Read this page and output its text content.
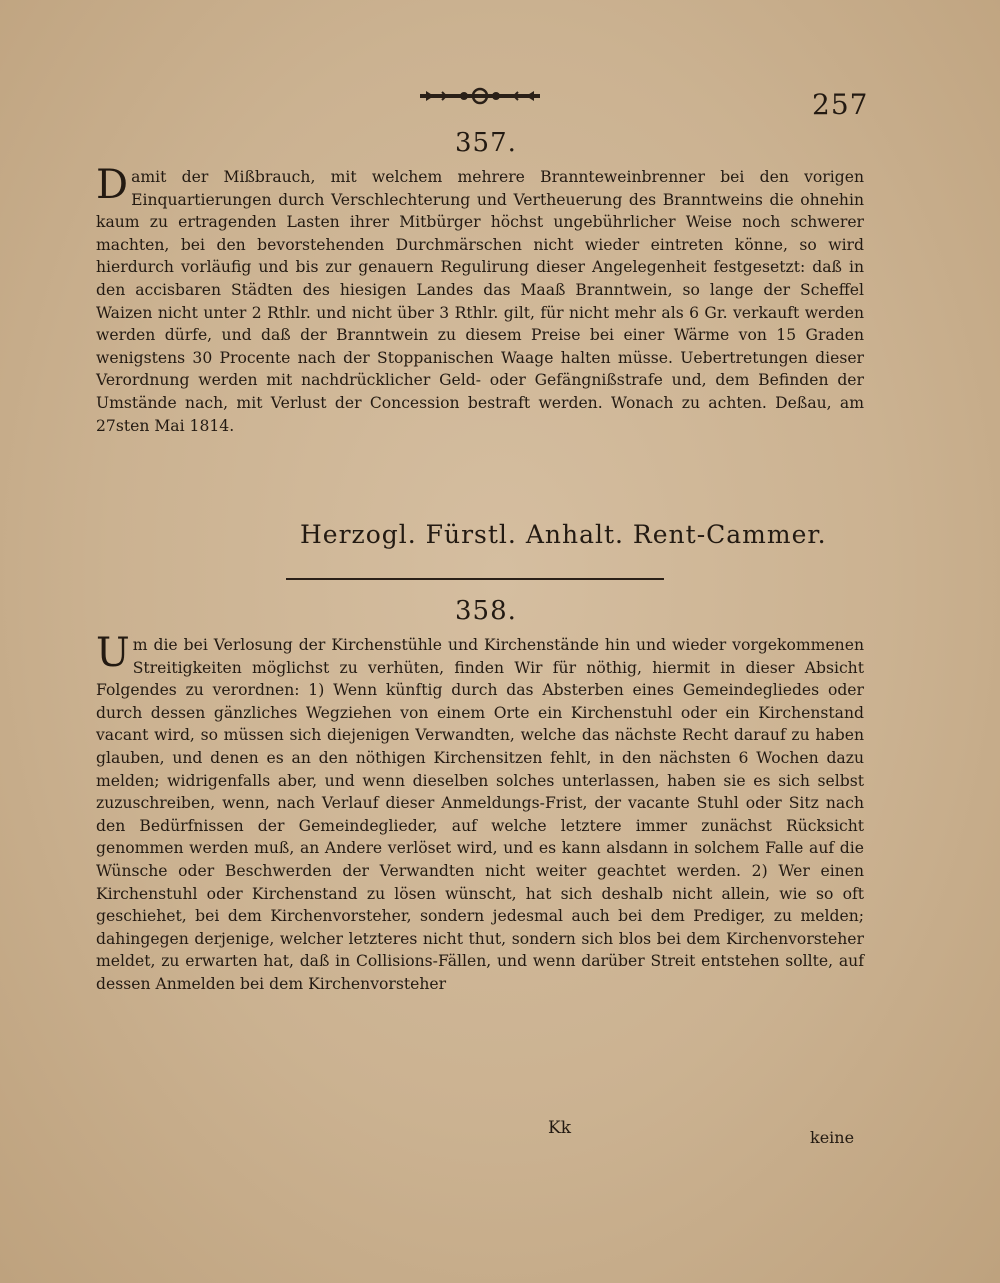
257
357.
D amit der Mißbrauch, mit welchem mehrere Brannteweinbrenner bei den vorigen Einquartierungen durch Verschlechterung und Vertheuerung des Branntweins die ohnehin kaum zu ertragenden Lasten ihrer Mitbürger höchst ungebührlicher Weise noch schwerer machten, bei den bevorstehenden Durchmärschen nicht wieder eintreten könne, so wird hierdurch vorläufig und bis zur genauern Regulirung dieser Angelegenheit festgesetzt: daß in den accisbaren Städten des hiesigen Landes das Maaß Branntwein, so lange der Scheffel Waizen nicht unter 2 Rthlr. und nicht über 3 Rthlr. gilt, für nicht mehr als 6 Gr. verkauft werden werden dürfe, und daß der Branntwein zu diesem Preise bei einer Wärme von 15 Graden wenigstens 30 Procente nach der Stoppanischen Waage halten müsse. Uebertretungen dieser Verordnung werden mit nachdrücklicher Geld- oder Gefängnißstrafe und, dem Befinden der Umstände nach, mit Verlust der Concession bestraft werden. Wonach zu achten. Deßau, am 27sten Mai 1814.
Herzogl. Fürstl. Anhalt. Rent-Cammer.
358.
U m die bei Verlosung der Kirchenstühle und Kirchenstände hin und wieder vorgekommenen Streitigkeiten möglichst zu verhüten, finden Wir für nöthig, hiermit in dieser Absicht Folgendes zu verordnen: 1) Wenn künftig durch das Absterben eines Gemeindegliedes oder durch dessen gänzliches Wegziehen von einem Orte ein Kirchenstuhl oder ein Kirchenstand vacant wird, so müssen sich diejenigen Verwandten, welche das nächste Recht darauf zu haben glauben, und denen es an den nöthigen Kirchensitzen fehlt, in den nächsten 6 Wochen dazu melden; widrigenfalls aber, und wenn dieselben solches unterlassen, haben sie es sich selbst zuzuschreiben, wenn, nach Verlauf dieser Anmeldungs-Frist, der vacante Stuhl oder Sitz nach den Bedürfnissen der Gemeindeglieder, auf welche letztere immer zunächst Rücksicht genommen werden muß, an Andere verlöset wird, und es kann alsdann in solchem Falle auf die Wünsche oder Beschwerden der Verwandten nicht weiter geachtet werden. 2) Wer einen Kirchenstuhl oder Kirchenstand zu lösen wünscht, hat sich deshalb nicht allein, wie so oft geschiehet, bei dem Kirchenvorsteher, sondern jedesmal auch bei dem Prediger, zu melden; dahingegen derjenige, welcher letzteres nicht thut, sondern sich blos bei dem Kirchenvorsteher meldet, zu erwarten hat, daß in Collisions-Fällen, und wenn darüber Streit entstehen sollte, auf dessen Anmelden bei dem Kirchenvorsteher
Kk	keine
